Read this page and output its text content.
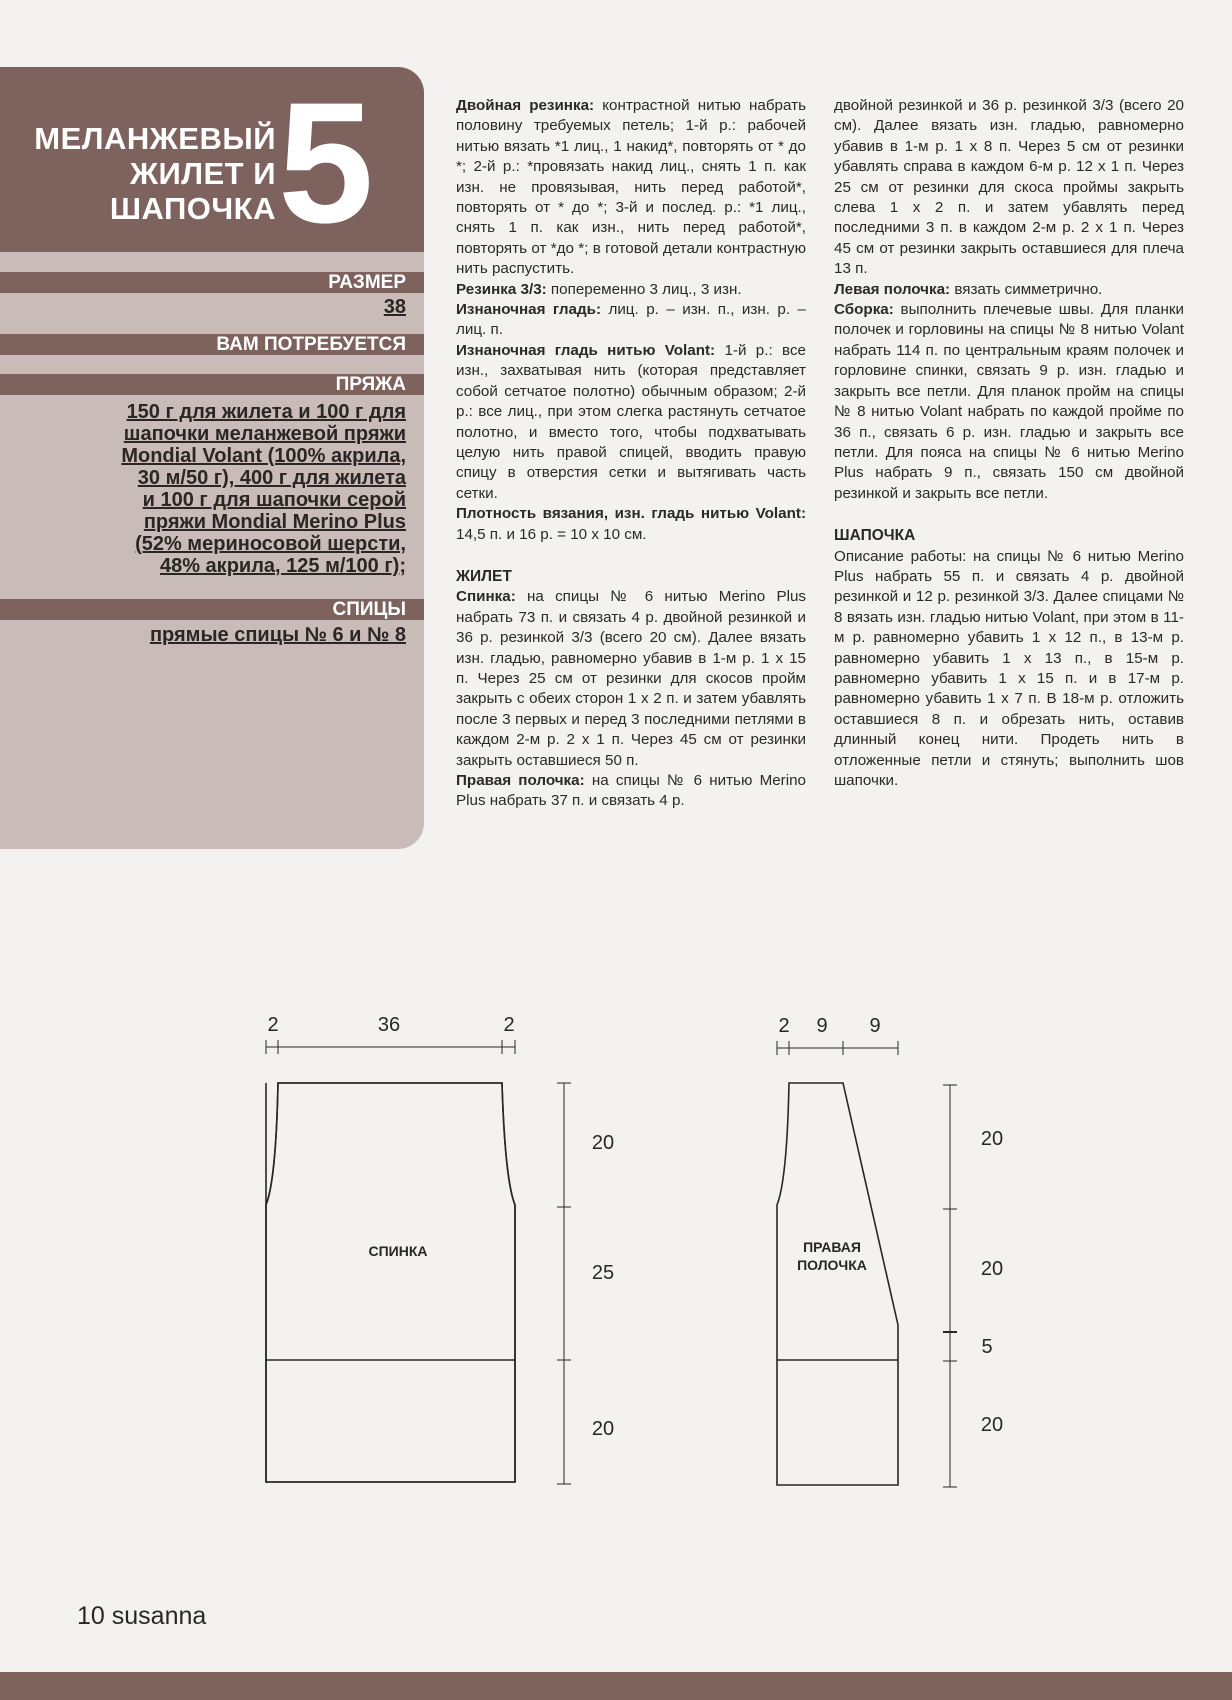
МЕЛАНЖЕВЫЙ
ЖИЛЕТ И
ШАПОЧКА 5
РАЗМЕР
38
ВАМ ПОТРЕБУЕТСЯ
ПРЯЖА
150 г для жилета и 100 г для
шапочки меланжевой пряжи
Mondial Volant (100% акрила,
30 м/50 г), 400 г для жилета
и 100 г для шапочки серой
пряжи Mondial Merino Plus
(52% мериносовой шерсти,
48% акрила, 125 м/100 г);
СПИЦЫ
прямые спицы № 6 и № 8

Двойная резинка: контрастной нитью набрать половину требуемых петель; 1-й р.: рабочей нитью вязать *1 лиц., 1 накид*, повторять от * до *; 2-й р.: *провязать накид лиц., снять 1 п. как изн. не провязывая, нить перед работой*, повторять от * до *; 3-й и послед. р.: *1 лиц., снять 1 п. как изн., нить перед работой*, повторять от *до *; в готовой детали контрастную нить распустить.

Резинка 3/3: попеременно 3 лиц., 3 изн.

Изнаночная гладь: лиц. р. – изн. п., изн. р. – лиц. п.

Изнаночная гладь нитью Volant: 1-й р.: все изн., захватывая нить (которая представляет собой сетчатое полотно) обычным образом; 2-й р.: все лиц., при этом слегка растянуть сетчатое полотно, и вместо того, чтобы подхватывать целую нить правой спицей, вводить правую спицу в отверстия сетки и вытягивать часть сетки.

Плотность вязания, изн. гладь нитью Volant: 14,5 п. и 16 р. = 10 х 10 см.

ЖИЛЕТ

Спинка: на спицы № 6 нитью Merino Plus набрать 73 п. и связать 4 р. двойной резинкой и 36 р. резинкой 3/3 (всего 20 см). Далее вязать изн. гладью, равномерно убавив в 1-м р. 1 х 15 п. Через 25 см от резинки для скосов пройм закрыть с обеих сторон 1 х 2 п. и затем убавлять после 3 первых и перед 3 последними петлями в каждом 2-м р. 2 х 1 п. Через 45 см от резинки закрыть оставшиеся 50 п.

Правая полочка: на спицы № 6 нитью Merino Plus набрать 37 п. и связать 4 р.

двойной резинкой и 36 р. резинкой 3/3 (всего 20 см). Далее вязать изн. гладью, равномерно убавив в 1-м р. 1 х 8 п. Через 5 см от резинки убавлять справа в каждом 6-м р. 12 х 1 п. Через 25 см от резинки для скоса проймы закрыть слева 1 х 2 п. и затем убавлять перед последними 3 п. в каждом 2-м р. 2 х 1 п. Через 45 см от резинки закрыть оставшиеся для плеча 13 п.

Левая полочка: вязать симметрично.

Сборка: выполнить плечевые швы. Для планки полочек и горловины на спицы № 8 нитью Volant набрать 114 п. по центральным краям полочек и горловине спинки, связать 9 р. изн. гладью и закрыть все петли. Для планок пройм на спицы № 8 нитью Volant набрать по каждой пройме по 36 п., связать 6 р. изн. гладью и закрыть все петли. Для пояса на спицы № 6 нитью Merino Plus набрать 9 п., связать 150 см двойной резинкой и закрыть все петли.

ШАПОЧКА

Описание работы: на спицы № 6 нитью Merino Plus набрать 55 п. и связать 4 р. двойной резинкой и 12 р. резинкой 3/3. Далее спицами № 8 вязать изн. гладью нитью Volant, при этом в 11-м р. равномерно убавить 1 х 12 п., в 13-м р. равномерно убавить 1 х 13 п., в 15-м р. равномерно убавить 1 х 15 п. и в 17-м р. равномерно убавить 1 х 7 п. В 18-м р. отложить оставшиеся 8 п. и обрезать нить, оставив длинный конец нити. Продеть нить в отложенные петли и стянуть; выполнить шов шапочки.

2	36	2
20
25
20
СПИНКА
2 9 9
20
20
5
20
ПРАВАЯ
ПОЛОЧКА
10 susanna
